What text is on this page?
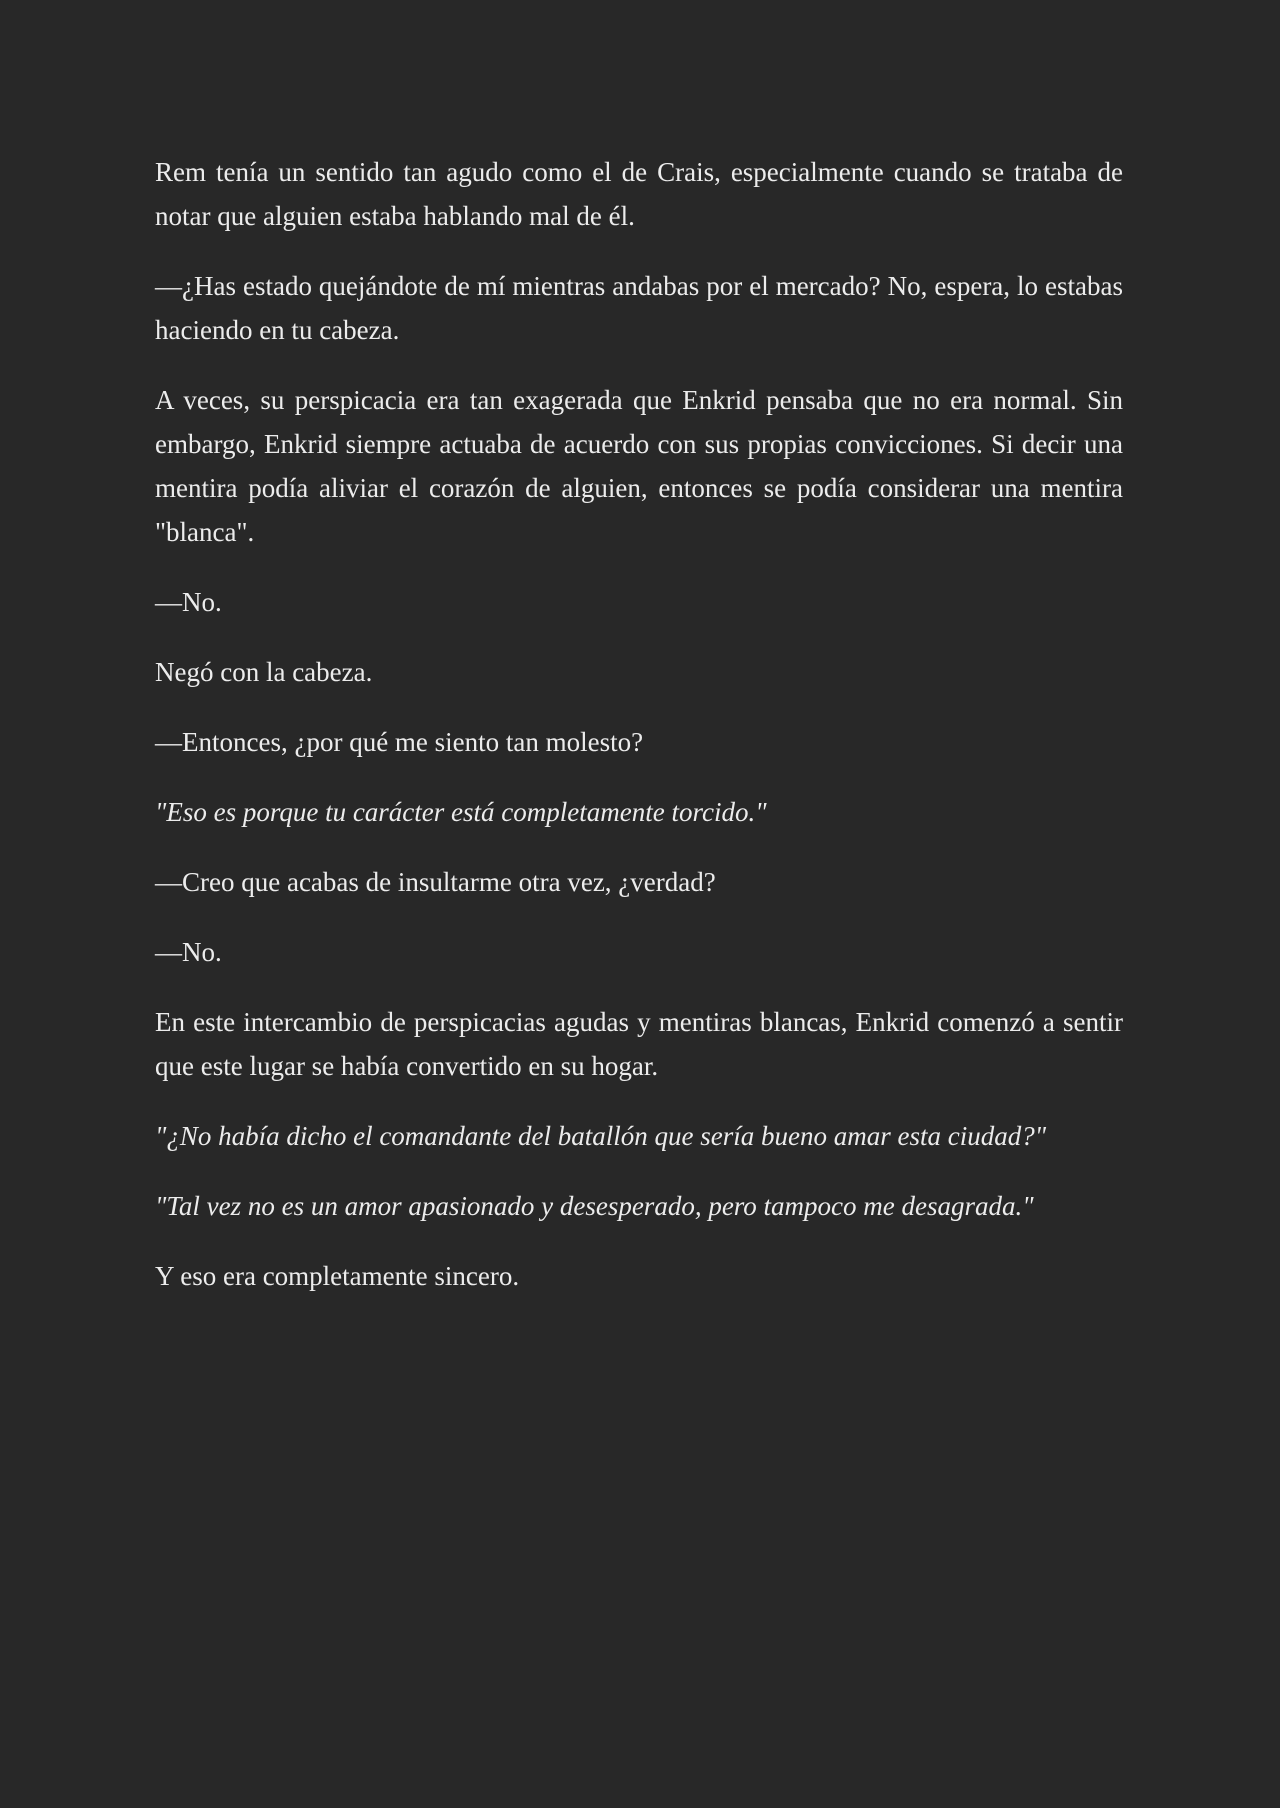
Rem tenía un sentido tan agudo como el de Crais, especialmente cuando se trataba de notar que alguien estaba hablando mal de él.

—¿Has estado quejándote de mí mientras andabas por el mercado? No, espera, lo estabas haciendo en tu cabeza.

A veces, su perspicacia era tan exagerada que Enkrid pensaba que no era normal. Sin embargo, Enkrid siempre actuaba de acuerdo con sus propias convicciones. Si decir una mentira podía aliviar el corazón de alguien, entonces se podía considerar una mentira "blanca".

—No.

Negó con la cabeza.

—Entonces, ¿por qué me siento tan molesto?

"Eso es porque tu carácter está completamente torcido."

—Creo que acabas de insultarme otra vez, ¿verdad?

—No.

En este intercambio de perspicacias agudas y mentiras blancas, Enkrid comenzó a sentir que este lugar se había convertido en su hogar.

"¿No había dicho el comandante del batallón que sería bueno amar esta ciudad?"

"Tal vez no es un amor apasionado y desesperado, pero tampoco me desagrada."

Y eso era completamente sincero.
